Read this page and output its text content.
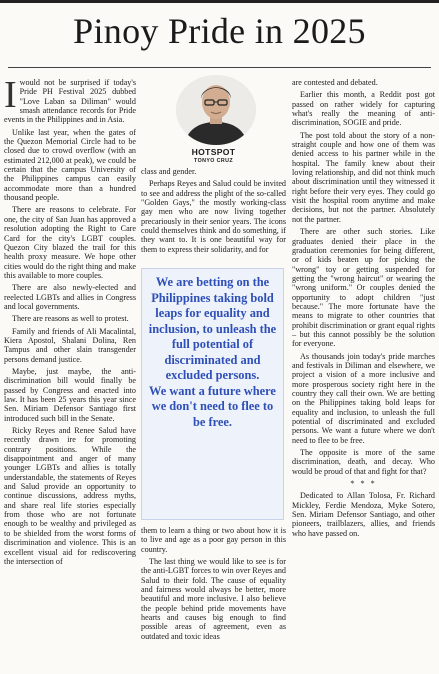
Pinoy Pride in 2025

Iwould not be surprised if today's Pride PH Festival 2025 dubbed "Love Laban sa Diliman" would smash attendance records for Pride events in the Philippines and in Asia.

Unlike last year, when the gates of the Quezon Memorial Circle had to be closed due to crowd overflow (with an estimated 212,000 at peak), we could be certain that the campus University of the Philippines campus can easily accommodate more than a hundred thousand people.

There are reasons to celebrate. For one, the city of San Juan has approved a resolution adopting the Right to Care Card for the city's LGBT couples. Quezon City blazed the trail for this health proxy measure. We hope other cities would do the right thing and make this available to more couples.

There are also newly-elected and reelected LGBTs and allies in Congress and local governments.

There are reasons as well to protest.

Family and friends of Ali Macalintal, Kiera Apostol, Shalani Dolina, Ren Tampus and other slain transgender persons demand justice.

Maybe, just maybe, the anti-discrimination bill would finally be passed by Congress and enacted into law. It has been 25 years this year since Sen. Miriam Defensor Santiago first introduced such bill in the Senate.

Ricky Reyes and Renee Salud have recently drawn ire for promoting contrary positions. While the disappointment and anger of many younger LGBTs and allies is totally understandable, the statements of Reyes and Salud provide an opportunity to continue discussions, address myths, and share real life stories especially from those who are not fortunate enough to be wealthy and privileged as to be shielded from the worst forms of discrimination and violence. This is an excellent visual aid for rediscovering the intersection of

HOTSPOT
TONYO CRUZ

class and gender.

Perhaps Reyes and Salud could be invited to see and address the plight of the so-called "Golden Gays," the mostly working-class gay men who are now living together precariously in their senior years. The icons could themselves think and do something, if they want to. It is one beautiful way for them to express their solidarity, and for

We are betting on the Philippines taking bold leaps for equality and inclusion, to unleash the full potential of discriminated and excluded persons.

We want a future where we don't need to flee to be free.

them to learn a thing or two about how it is to live and age as a poor gay person in this country.

The last thing we would like to see is for the anti-LGBT forces to win over Reyes and Salud to their fold. The cause of equality and fairness would always be better, more beautiful and more inclusive. I also believe the people behind pride movements have hearts and causes big enough to find possible areas of agreement, even as outdated and toxic ideas

are contested and debated.

Earlier this month, a Reddit post got passed on rather widely for capturing what's really the meaning of anti-discrimination, SOGIE and pride.

The post told about the story of a non-straight couple and how one of them was denied access to his partner while in the hospital. The family knew about their loving relationship, and did not think much about discrimination until they witnessed it right before their very eyes. They could go visit the hospital room anytime and make decisions, but not the partner. Absolutely not the partner.

There are other such stories. Like graduates denied their place in the graduation ceremonies for being different, or of kids beaten up for picking the "wrong" toy or getting suspended for getting the "wrong haircut" or wearing the "wrong uniform." Or couples denied the opportunity to adopt children "just because." The more fortunate have the means to migrate to other countries that prohibit discrimination or grant equal rights – but this cannot possibly be the solution for everyone.

As thousands join today's pride marches and festivals in Diliman and elsewhere, we project a vision of a more inclusive and more prosperous society right here in the country they call their own. We are betting on the Philippines taking bold leaps for equality and inclusion, to unleash the full potential of discriminated and excluded persons. We want a future where we don't need to flee to be free.

The opposite is more of the same discrimination, death, and decay. Who would be proud of that and fight for that?

* * *

Dedicated to Allan Tolosa, Fr. Richard Mickley, Ferdie Mendoza, Myke Sotero, Sen. Miriam Defensor Santiago, and other pioneers, trailblazers, allies, and friends who have passed on.
